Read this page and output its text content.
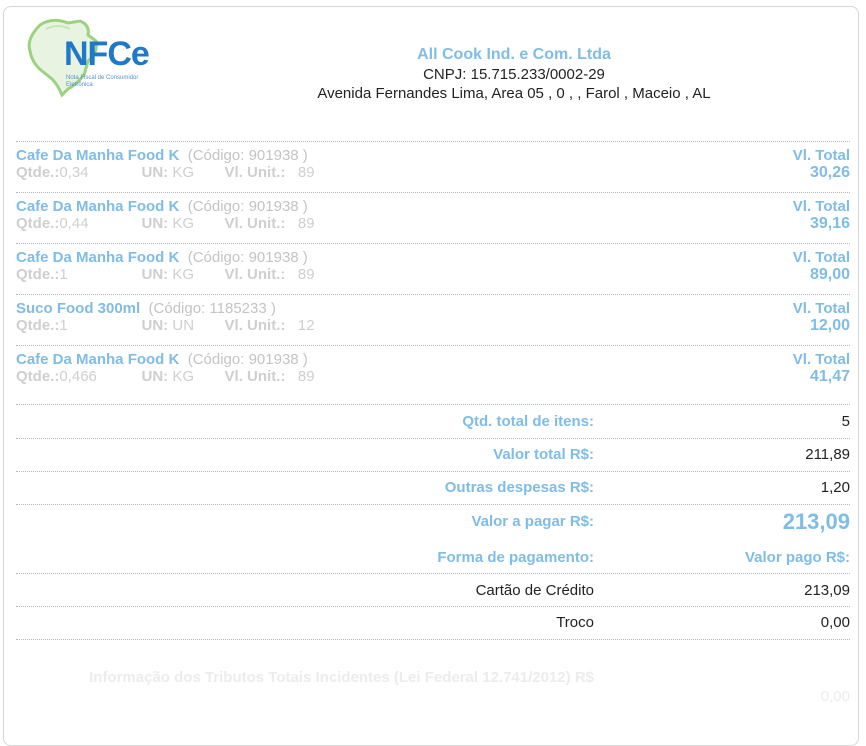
NFCe
Nota Fiscal de Consumidor Eletrônica
All Cook Ind. e Com. Ltda
CNPJ: 15.715.233/0002-29
Avenida Fernandes Lima, Area 05 , 0 , , Farol , Maceio , AL
Cafe Da Manha Food K (Código: 901938 )
Qtde.:0,34	UN: KG Vl. Unit.: 89
Vl. Total
30,26
Cafe Da Manha Food K (Código: 901938 )
Qtde.:0,44	UN: KG Vl. Unit.: 89
Vl. Total
39,16
Cafe Da Manha Food K (Código: 901938 )
Qtde.:1	UN: KG Vl. Unit.: 89
Vl. Total
89,00
Suco Food 300ml (Código: 1185233 )
Qtde.:1	UN: UN Vl. Unit.: 12
Vl. Total
12,00
Cafe Da Manha Food K (Código: 901938 )
Qtde.:0,466	UN: KG Vl. Unit.: 89
Vl. Total
41,47
Qtd. total de itens:	5
Valor total R$:	211,89
Outras despesas R$:	1,20
Valor a pagar R$:	213,09
Forma de pagamento:	Valor pago R$:
Cartão de Crédito	213,09
Troco	0,00
Informação dos Tributos Totais Incidentes (Lei Federal 12.741/2012) R$
0,00
